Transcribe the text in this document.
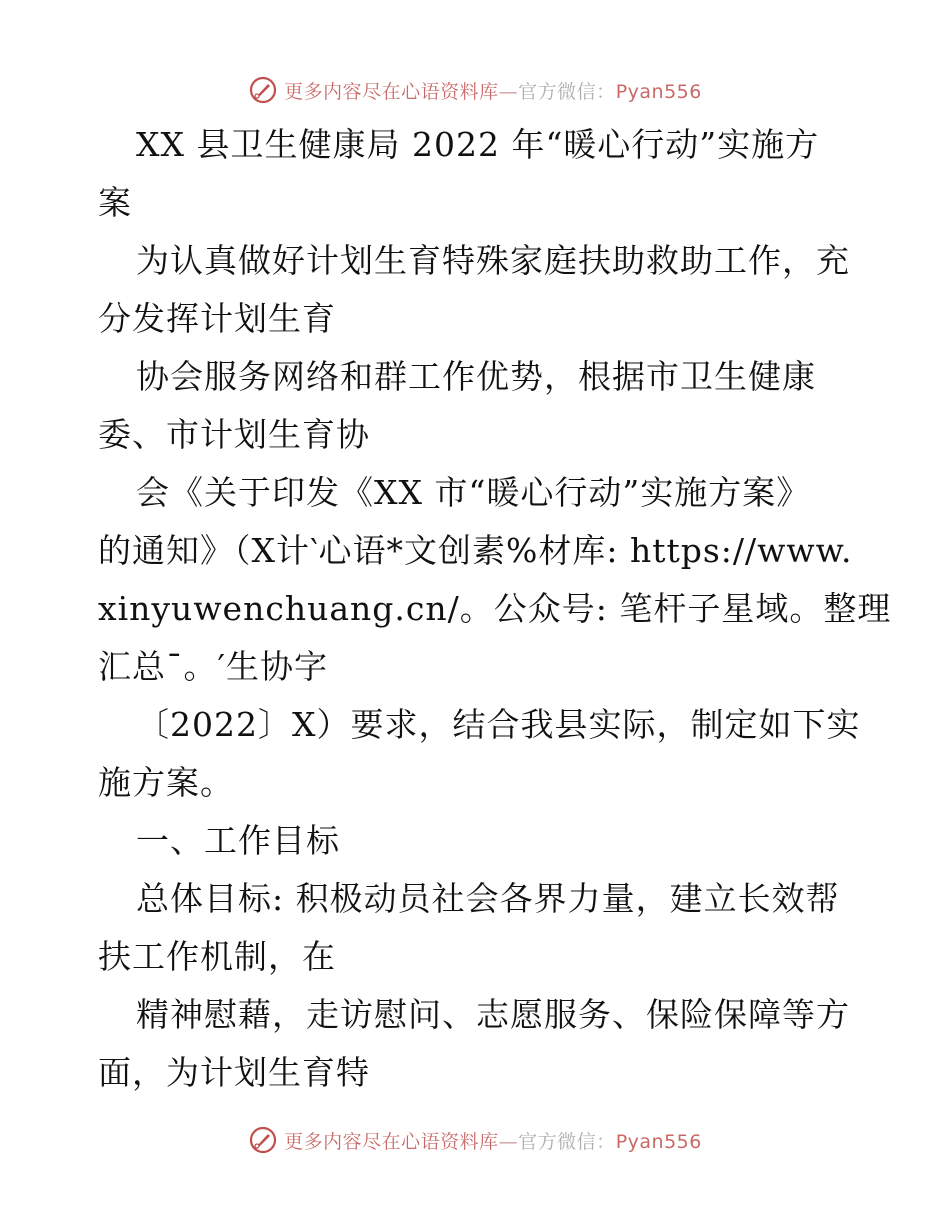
更多内容尽在心语资料库—官方微信：Pyan556
XX 县卫生健康局 2022 年“暖心行动”实施方
案
为认真做好计划生育特殊家庭扶助救助工作，充
分发挥计划生育
协会服务网络和群工作优势，根据市卫生健康
委、市计划生育协
会《关于印发《XX 市“暖心行动”实施方案》
的通知》（X计‵心语*文创素%材库: https://www.
xinyuwenchuang.cn/。公众号: 笔杆子星域。整理
汇总¯。′生协字
〔2022〕X）要求，结合我县实际，制定如下实
施方案。
一、工作目标
总体目标: 积极动员社会各界力量，建立长效帮
扶工作机制，在
精神慰藉，走访慰问、志愿服务、保险保障等方
面，为计划生育特
更多内容尽在心语资料库—官方微信：Pyan556
